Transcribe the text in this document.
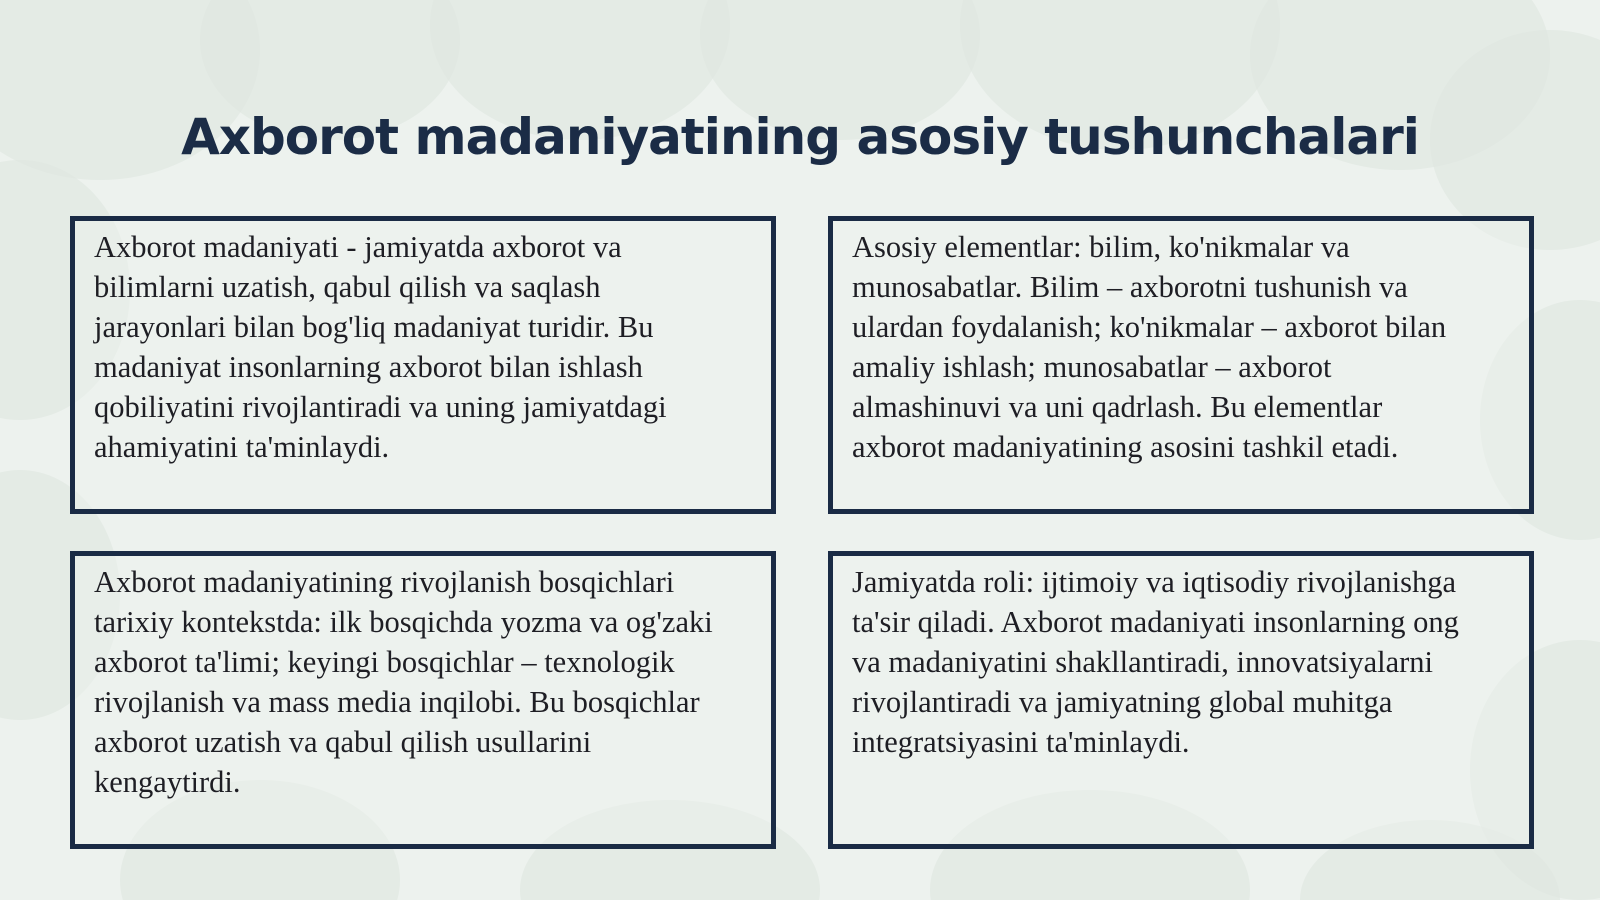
Axborot madaniyatining asosiy tushunchalari

Axborot madaniyati - jamiyatda axborot va

bilimlarni uzatish, qabul qilish va saqlash

jarayonlari bilan bog'liq madaniyat turidir. Bu

madaniyat insonlarning axborot bilan ishlash

qobiliyatini rivojlantiradi va uning jamiyatdagi

ahamiyatini ta'minlaydi.

Asosiy elementlar: bilim, ko'nikmalar va

munosabatlar. Bilim – axborotni tushunish va

ulardan foydalanish; ko'nikmalar – axborot bilan

amaliy ishlash; munosabatlar – axborot

almashinuvi va uni qadrlash. Bu elementlar

axborot madaniyatining asosini tashkil etadi.

Axborot madaniyatining rivojlanish bosqichlari

tarixiy kontekstda: ilk bosqichda yozma va og'zaki

axborot ta'limi; keyingi bosqichlar – texnologik

rivojlanish va mass media inqilobi. Bu bosqichlar

axborot uzatish va qabul qilish usullarini

kengaytirdi.

Jamiyatda roli: ijtimoiy va iqtisodiy rivojlanishga

ta'sir qiladi. Axborot madaniyati insonlarning ong

va madaniyatini shakllantiradi, innovatsiyalarni

rivojlantiradi va jamiyatning global muhitga

integratsiyasini ta'minlaydi.
